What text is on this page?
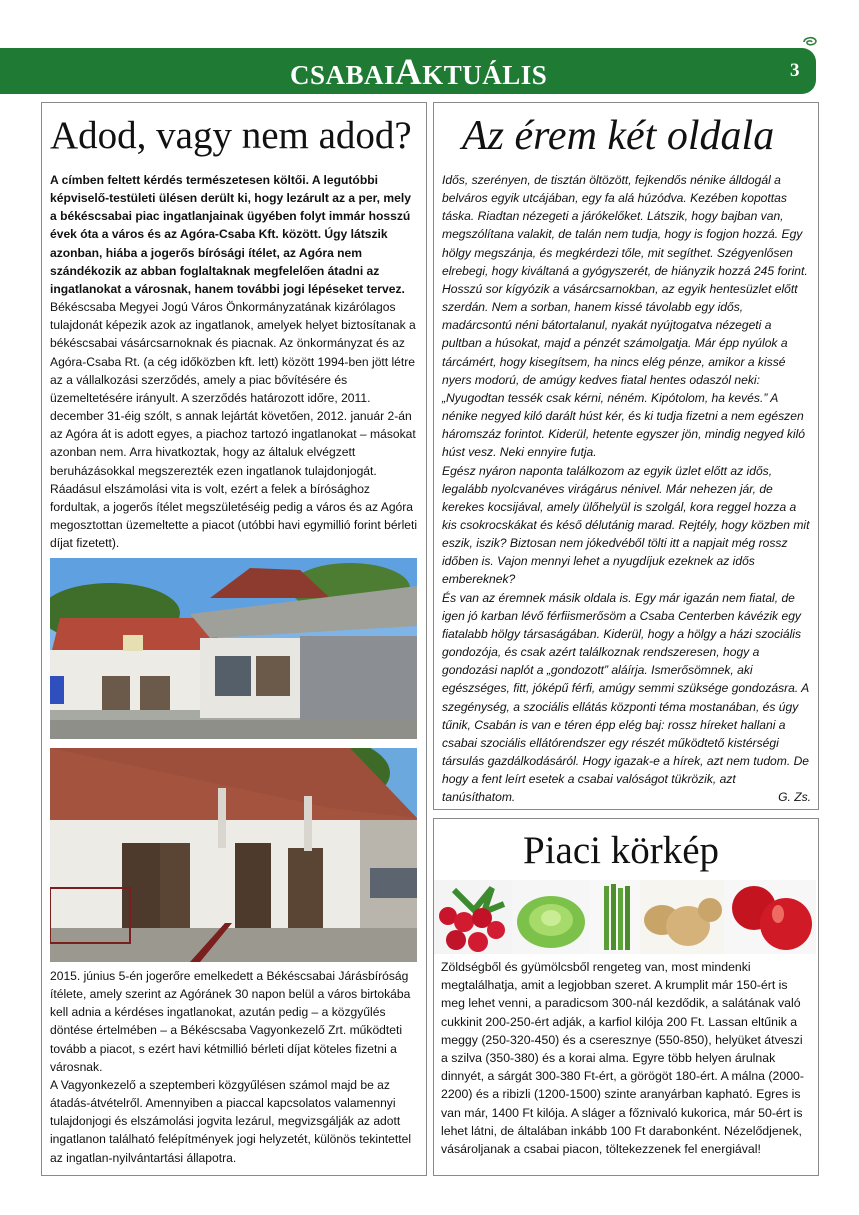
CSABAIAKTUÁLIS	3
Adod, vagy nem adod?

A címben feltett kérdés természetesen költői. A legutóbbi képviselő-testületi ülésen derült ki, hogy lezárult az a per, mely a békéscsabai piac ingatlanjainak ügyében folyt immár hosszú évek óta a város és az Agóra-Csaba Kft. között. Úgy látszik azonban, hiába a jogerős bírósági ítélet, az Agóra nem szándékozik az abban foglaltaknak megfelelően átadni az ingatlanokat a városnak, hanem további jogi lépéseket tervez.

Békéscsaba Megyei Jogú Város Önkormányzatának kizárólagos tulajdonát képezik azok az ingatlanok, amelyek helyet biztosítanak a békéscsabai vásárcsarnoknak és piacnak. Az önkormányzat és az Agóra-Csaba Rt. (a cég időközben kft. lett) között 1994-ben jött létre az a vállalkozási szerződés, amely a piac bővítésére és üzemeltetésére irányult. A szerződés határozott időre, 2011. december 31-éig szólt, s annak lejártát követően, 2012. január 2-án az Agóra át is adott egyes, a piachoz tartozó ingatlanokat – másokat azonban nem. Arra hivatkoztak, hogy az általuk elvégzett beruházásokkal megszerezték ezen ingatlanok tulajdonjogát. Ráadásul elszámolási vita is volt, ezért a felek a bírósághoz fordultak, a jogerős ítélet megszületéséig pedig a város és az Agóra megosztottan üzemeltette a piacot (utóbbi havi egymillió forint bérleti díjat fizetett).

2015. június 5-én jogerőre emelkedett a Békéscsabai Járásbíróság ítélete, amely szerint az Agóránek 30 napon belül a város birtokába kell adnia a kérdéses ingatlanokat, azután pedig – a közgyűlés döntése értelmében – a Békéscsaba Vagyonkezelő Zrt. működteti tovább a piacot, s ezért havi kétmillió bérleti díjat köteles fizetni a városnak.

A Vagyonkezelő a szeptemberi közgyűlésen számol majd be az átadás-átvételről. Amennyiben a piaccal kapcsolatos valamennyi tulajdonjogi és elszámolási jogvita lezárul, megvizsgálják az adott ingatlanon található felépítmények jogi helyzetét, különös tekintettel az ingatlan-nyilvántartási állapotra.

Az érem két oldala

Idős, szerényen, de tisztán öltözött, fejkendős nénike álldogál a belváros egyik utcájában, egy fa alá húzódva. Kezében kopottas táska. Riadtan nézegeti a járókelőket. Látszik, hogy bajban van, megszólítana valakit, de talán nem tudja, hogy is fogjon hozzá. Egy hölgy megszánja, és megkérdezi tőle, mit segíthet. Szégyenlősen elrebegi, hogy kiváltaná a gyógyszerét, de hiányzik hozzá 245 forint.

Hosszú sor kígyózik a vásárcsarnokban, az egyik hentesüzlet előtt szerdán. Nem a sorban, hanem kissé távolabb egy idős, madárcsontú néni bátortalanul, nyakát nyújtogatva nézegeti a pultban a húsokat, majd a pénzét számolgatja. Már épp nyúlok a tárcámért, hogy kisegítsem, ha nincs elég pénze, amikor a kissé nyers modorú, de amúgy kedves fiatal hentes odaszól neki: „Nyugodtan tessék csak kérni, néném. Kipótolom, ha kevés.” A nénike negyed kiló darált húst kér, és ki tudja fizetni a nem egészen háromszáz forintot. Kiderül, hetente egyszer jön, mindig negyed kiló húst vesz. Neki ennyire futja.

Egész nyáron naponta találkozom az egyik üzlet előtt az idős, legalább nyolcvanéves virágárus nénivel. Már nehezen jár, de kerekes kocsijával, amely ülőhelyül is szolgál, kora reggel hozza a kis csokrocskákat és késő délutánig marad. Rejtély, hogy közben mit eszik, iszik? Biztosan nem jókedvéből tölti itt a napjait még rossz időben is. Vajon mennyi lehet a nyugdíjuk ezeknek az idős embereknek?

És van az éremnek másik oldala is. Egy már igazán nem fiatal, de igen jó karban lévő férfiismerősöm a Csaba Centerben kávézik egy fiatalabb hölgy társaságában. Kiderül, hogy a hölgy a házi szociális gondozója, és csak azért találkoznak rendszeresen, hogy a gondozási naplót a „gondozott” aláírja. Ismerősömnek, aki egészséges, fitt, jóképű férfi, amúgy semmi szüksége gondozásra. A szegénység, a szociális ellátás központi téma mostanában, és úgy tűnik, Csabán is van e téren épp elég baj: rossz híreket hallani a csabai szociális ellátórendszer egy részét működtető kistérségi társulás gazdálkodásáról. Hogy igazak-e a hírek, azt nem tudom. De hogy a fent leírt esetek a csabai valóságot tükrözik, azt

tanúsíthatom.	G. Zs.

Piaci körkép

Zöldségből és gyümölcsből rengeteg van, most mindenki megtalálhatja, amit a legjobban szeret. A krumplit már 150-ért is meg lehet venni, a paradicsom 300-nál kezdődik, a salátának való cukkinit 200-250-ért adják, a karfiol kilója 200 Ft. Lassan eltűnik a meggy (250-320-450) és a cseresznye (550-850), helyüket átveszi a szilva (350-380) és a korai alma. Egyre több helyen árulnak dinnyét, a sárgát 300-380 Ft-ért, a görögöt 180-ért. A málna (2000-2200) és a ribizli (1200-1500) szinte aranyárban kapható. Egres is van már, 1400 Ft kilója. A sláger a főznivaló kukorica, már 50-ért is lehet látni, de általában inkább 100 Ft darabonként. Nézelődjenek, vásároljanak a csabai piacon, töltekezzenek fel energiával!
